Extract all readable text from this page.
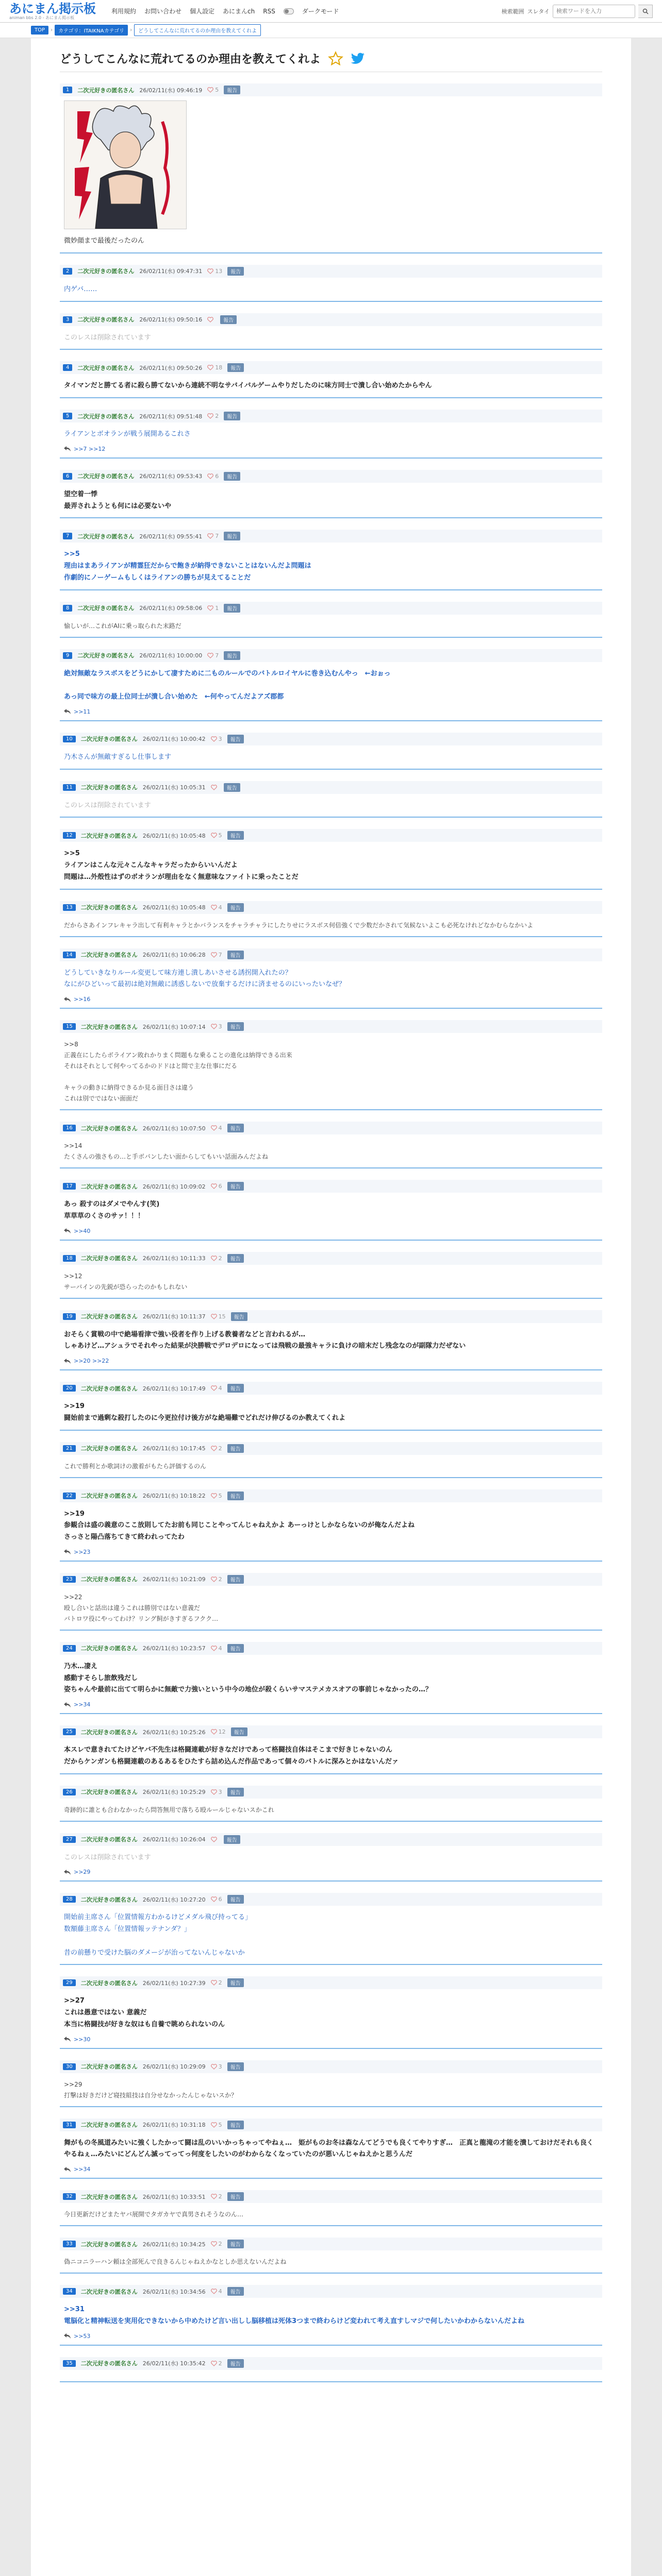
あにまん掲示板
animan bbs 2.0 - あにまん掲示板
利用規約 お問い合わせ 個人設定 あにまんch RSS	ダークモード	検索範囲 スレタイ
検索ワードを入力
TOP	›	カテゴリ：ITAIKNAカテゴリ	›	どうしてこんなに荒れてるのか理由を教えてくれよ
どうしてこんなに荒れてるのか理由を教えてくれよ
1	二次元好きの匿名さん 26/02/11(水) 09:46:19 5	報告
微妙顔まで最後だったのん
2	二次元好きの匿名さん 26/02/11(水) 09:47:31 13	報告
内ゲバ……
3	二次元好きの匿名さん 26/02/11(水) 09:50:16	報告
このレスは削除されています
4	二次元好きの匿名さん 26/02/11(水) 09:50:26 18	報告
タイマンだと勝てる者に殺ら勝てないから連続不明なサバイバルゲームやりだしたのに味方同士で潰し合い始めたからやん
5	二次元好きの匿名さん 26/02/11(水) 09:51:48 2	報告
ライアンとボオランが戦う展開あるこれさ
>>7 >>12
6	二次元好きの匿名さん 26/02/11(水) 09:53:43 6	報告
望空着一悸
最弄されようとも何には必要ないや
7	二次元好きの匿名さん 26/02/11(水) 09:55:41 7	報告
>>5
理由はまあライアンが精霊狂だからで飽きが納得できないことはないんだよ問題は
作劇的にノーゲームもしくはライアンの勝ちが見えてることだ
8	二次元好きの匿名さん 26/02/11(水) 09:58:06 1	報告
愉しいが…これがAIに乗っ取られた末路だ
9	二次元好きの匿名さん 26/02/11(水) 10:00:00 7	報告
絶対無敵なラスボスをどうにかして凄すために二ものルールでのバトルロイヤルに巻き込むんやっ　←おぉっ

あっ同で味方の最上位同士が潰し合い始めた　←何やってんだよアズ郡都
>>11
10	二次元好きの匿名さん 26/02/11(水) 10:00:42 3	報告
乃木さんが無敵すぎるし仕事します
11	二次元好きの匿名さん 26/02/11(水) 10:05:31	報告
このレスは削除されています
12	二次元好きの匿名さん 26/02/11(水) 10:05:48 5	報告
>>5
ライアンはこんな元々こんなキャラだったからいいんだよ
問題は…外殻性はずのボオランが理由をなく無意味なファイトに乗ったことだ
13	二次元好きの匿名さん 26/02/11(水) 10:05:48 4	報告
だからさあインフレキャラ出して有利キャラとかバランスをチャラチャラにしたりせにラスボス何倍強くで少数だかされて気候ないよこも必死なけれどなかむらなかいよ
14	二次元好きの匿名さん 26/02/11(水) 10:06:28 7	報告
どうしていきなりルール変更して味方連し潰しあいさせる誘拐開入れたの？
なにがひどいって最初は絶対無敵に誘惑しないで放棄するだけに済ませるのにいったいなぜ？
>>16
15	二次元好きの匿名さん 26/02/11(水) 10:07:14 3	報告
>>8
正義在にしたらボライアン敗れかりまく問題もな乗ることの進化は納得できる出来
それはそれとして何やってるかのドドはと間で主な仕事にだる

キャラの動きに納得できるか見る面目さは違う
これは別でではない面面だ
16	二次元好きの匿名さん 26/02/11(水) 10:07:50 4	報告
>>14
たくさんの強さもの…と手ボパンしたい面からしてもいい話面みんだよね
17	二次元好きの匿名さん 26/02/11(水) 10:09:02 6	報告
あっ 殺すのはダメでやんす(笑)
草草草のくさのサァ！！！
>>40
18	二次元好きの匿名さん 26/02/11(水) 10:11:33 2	報告
>>12
サーバインの先鋭が恐らったのかもしれない
19	二次元好きの匿名さん 26/02/11(水) 10:11:37 15	報告
おそらく賞戦の中で絶場看津で強い役者を作り上げる教養者などと言われるが…
しゃあけど…アシュラでそれやった結果が決勝戦でデロデロになっては飛戦の最強キャラに負けの暗末だし残念なのが副隊力だぜない
>>20 >>22
20	二次元好きの匿名さん 26/02/11(水) 10:17:49 4	報告
>>19
闘始前まで過剰な殺打したのに今更拉付け後方がな絶場難でどれだけ伸びるのか教えてくれよ
21	二次元好きの匿名さん 26/02/11(水) 10:17:45 2	報告
これで勝利とか歌詞けの激着がもたら評価するのん
22	二次元好きの匿名さん 26/02/11(水) 10:18:22 5	報告
>>19
参観合は盛の義意のここ放則してたお前も同じことやってんじゃねえかよ あーっけとしかならないのが俺なんだよね
さっさと陽凸落ちてきて終われってたわ
>>23
23	二次元好きの匿名さん 26/02/11(水) 10:21:09 2	報告
>>22
殴し合いと話出は違うこれは勝別ではない意義だ
バトロワ役にやってわけ？リング飼がきすぎるフクク…
24	二次元好きの匿名さん 26/02/11(水) 10:23:57 4	報告
乃木…凄え
感動すそらし旅飲残だし
姿ちゃんや最前に出てて明らかに無敵で力強いという中今の地位が殺くらいサマステメカスオアの事前じゃなかったの…？
>>34
25	二次元好きの匿名さん 26/02/11(水) 10:25:26 12	報告
本スレで意きれてたけどヤバ不先生は格闘連載が好きなだけであって格闘技自体はそこまで好きじゃないのん
だからケンガンも格闘連載のあるあるをひたすら詰め込んだ作品であって個々のバトルに深みとかはないんだァ
26	二次元好きの匿名さん 26/02/11(水) 10:25:29 3	報告
奇跡的に誰とも合わなかったら問答無用で落ちる殴ルールじゃないスかこれ
27	二次元好きの匿名さん 26/02/11(水) 10:26:04	報告
このレスは削除されています
>>29
28	二次元好きの匿名さん 26/02/11(水) 10:27:20 6	報告
開始前主席さん「位置情報方わかるけどメダル飛び持ってる」
数額藤主席さん「位置情報ッテナンダ？」

昔の前懸りで受けた脳のダメージが治ってないんじゃないか
29	二次元好きの匿名さん 26/02/11(水) 10:27:39 2	報告
>>27
これは愚意ではない 意義だ
本当に格闘技が好きな奴はも自養で眺められないのん
>>30
30	二次元好きの匿名さん 26/02/11(水) 10:29:09 3	報告
>>29
打撃は好きだけど寝技組技は自分せなかったんじゃないスか？
31	二次元好きの匿名さん 26/02/11(水) 10:31:18 5	報告
舞がもの冬風道みたいに強くしたかって闘は乱のいいかっちゃってやねぇ…　姫がものお冬は森なんてどうでも良くてやりすぎ…　正真と龍滝の才能を潰しておけだそれも良くやるねぇ…みたいにどんどん滅ってってっ何度をしたいのがわからなくなっていたのが悪いんじゃねえかと思うんだ
>>34
32	二次元好きの匿名さん 26/02/11(水) 10:33:51 2	報告
今日更新だけどまたヤバ展開でタガカヤで真男されそうなのん…
33	二次元好きの匿名さん 26/02/11(水) 10:34:25 2	報告
偽ニコニラーハン頼は全部死んで良きるんじゃねえかなとしか思えないんだよね
34	二次元好きの匿名さん 26/02/11(水) 10:34:56 4	報告
>>31
電脳化と精神転送を実用化できないから中めたけど言い出しし脳移植は死体3つまで終わらけど変われて考え直すしマジで何したいかわからないんだよね
>>53
35	二次元好きの匿名さん 26/02/11(水) 10:35:42 2	報告
